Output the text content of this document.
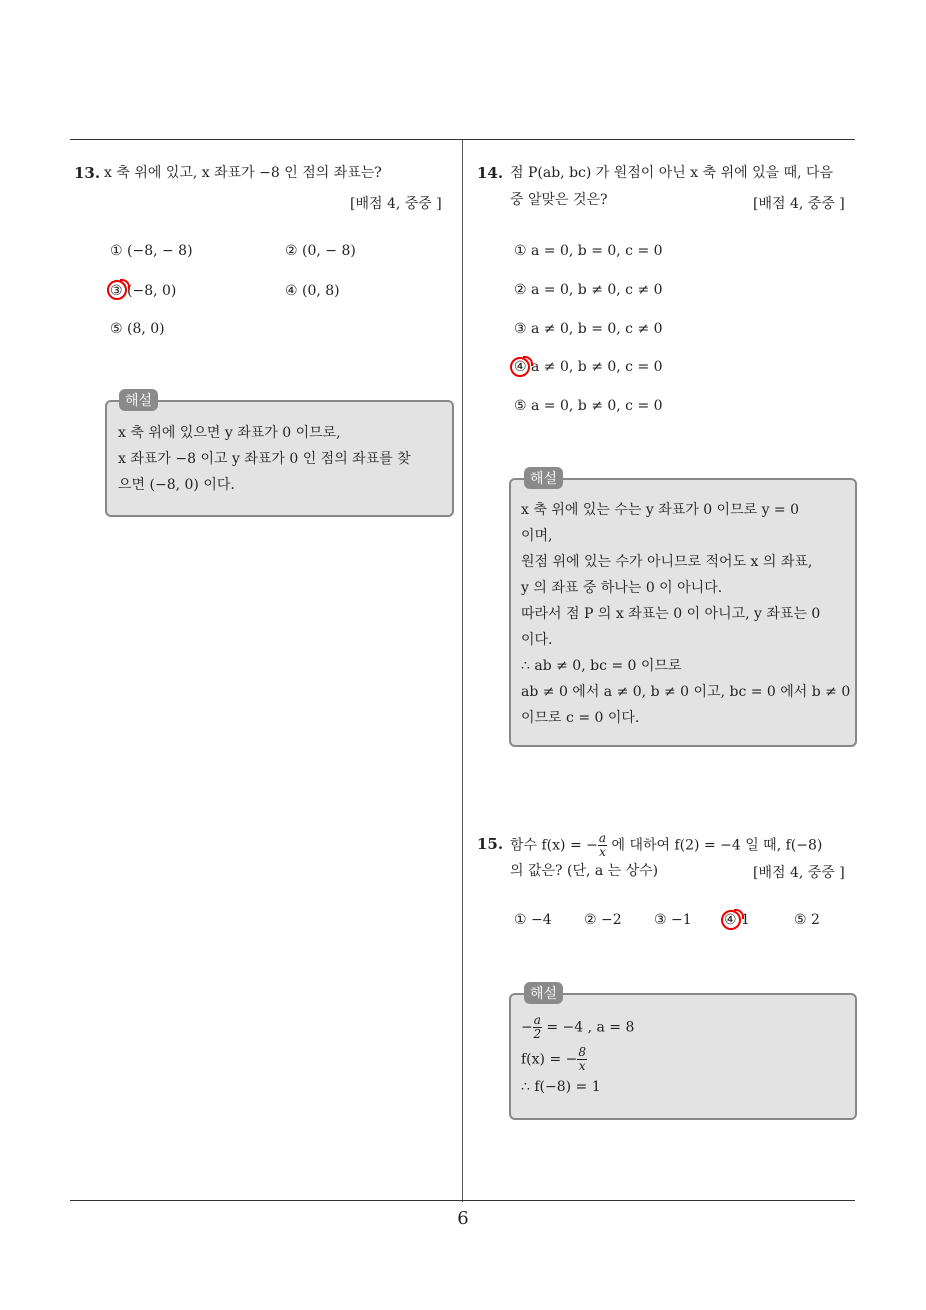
13. x 축 위에 있고, x 좌표가 −8 인 점의 좌표는?
[배점 4, 중중 ]
① (−8, − 8)	② (0, − 8)
③ (−8, 0)	④ (0, 8)
⑤ (8, 0)
해설
x 축 위에 있으면 y 좌표가 0 이므로,
x 좌표가 −8 이고 y 좌표가 0 인 점의 좌표를 찾
으면 (−8, 0) 이다.
14. 점 P(ab, bc) 가 원점이 아닌 x 축 위에 있을 때, 다음
중 알맞은 것은?	[배점 4, 중중 ]
① a = 0, b = 0, c = 0
② a = 0, b ≠ 0, c ≠ 0
③ a ≠ 0, b = 0, c ≠ 0
④ a ≠ 0, b ≠ 0, c = 0
⑤ a = 0, b ≠ 0, c = 0
해설
x 축 위에 있는 수는 y 좌표가 0 이므로 y = 0
이며,
원점 위에 있는 수가 아니므로 적어도 x 의 좌표,
y 의 좌표 중 하나는 0 이 아니다.
따라서 점 P 의 x 좌표는 0 이 아니고, y 좌표는 0
이다.
∴ ab ≠ 0, bc = 0 이므로
ab ≠ 0 에서 a ≠ 0, b ≠ 0 이고, bc = 0 에서 b ≠ 0
이므로 c = 0 이다.
15. 함수 f(x) = − $\frac{a}{x}$ 에 대하여 f(2) = −4 일 때, f(−8)
의 값은? (단, a 는 상수)	[배점 4, 중중 ]
① −4 ② −2 ③ −1 ④ 1	⑤ 2
해설
− $\frac{a}{2} = -4$ , a = 8
f(x) = − $\frac{8}{x}$
∴ f(−8) = 1
6
